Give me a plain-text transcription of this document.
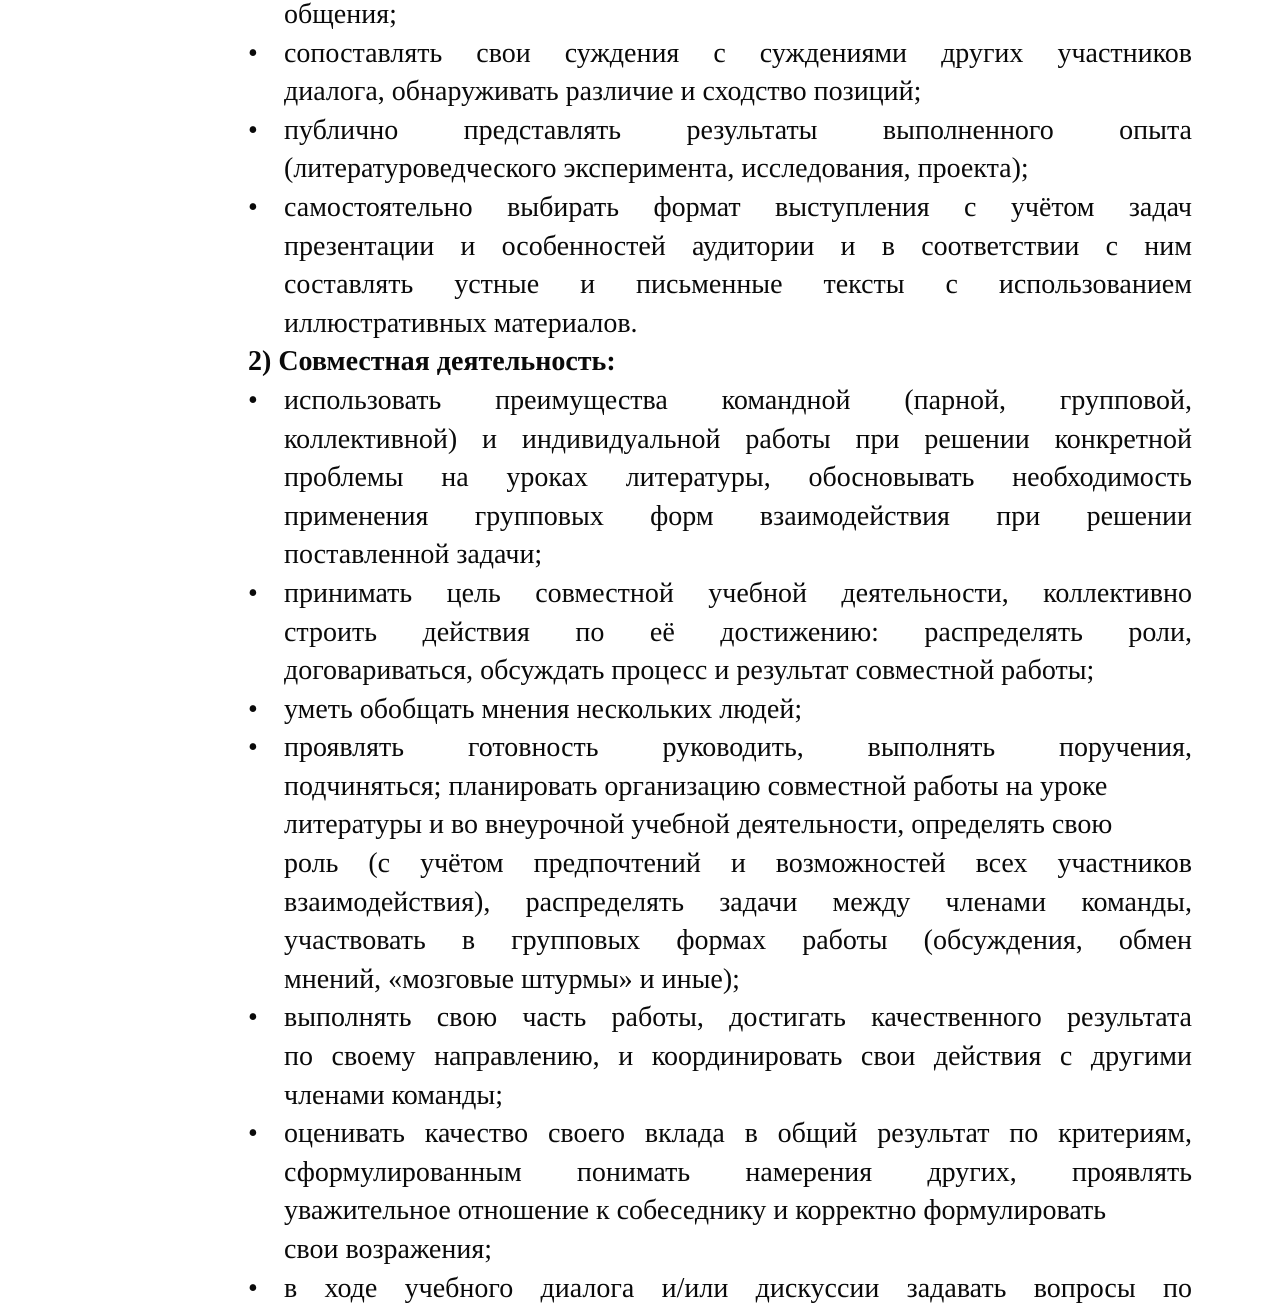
общения;
• сопоставлять свои суждения с суждениями других участников
диалога, обнаруживать различие и сходство позиций;
• публично представлять результаты выполненного опыта
(литературоведческого эксперимента, исследования, проекта);
• самостоятельно выбирать формат выступления с учётом задач
презентации и особенностей аудитории и в соответствии с ним
составлять устные и письменные тексты с использованием
иллюстративных материалов.
2) Совместная деятельность:
• использовать преимущества командной (парной, групповой,
коллективной) и индивидуальной работы при решении конкретной
проблемы на уроках литературы, обосновывать необходимость
применения групповых форм взаимодействия при решении
поставленной задачи;
• принимать цель совместной учебной деятельности, коллективно
строить действия по её достижению: распределять роли,
договариваться, обсуждать процесс и результат совместной работы;
• уметь обобщать мнения нескольких людей;
• проявлять готовность руководить, выполнять поручения,
подчиняться; планировать организацию совместной работы на уроке
литературы и во внеурочной учебной деятельности, определять свою
роль (с учётом предпочтений и возможностей всех участников
взаимодействия), распределять задачи между членами команды,
участвовать в групповых формах работы (обсуждения, обмен
мнений, «мозговые штурмы» и иные);
• выполнять свою часть работы, достигать качественного результата
по своему направлению, и координировать свои действия с другими
членами команды;
• оценивать качество своего вклада в общий результат по критериям,
сформулированным понимать намерения других, проявлять
уважительное отношение к собеседнику и корректно формулировать
свои возражения;
• в ходе учебного диалога и/или дискуссии задавать вопросы по
